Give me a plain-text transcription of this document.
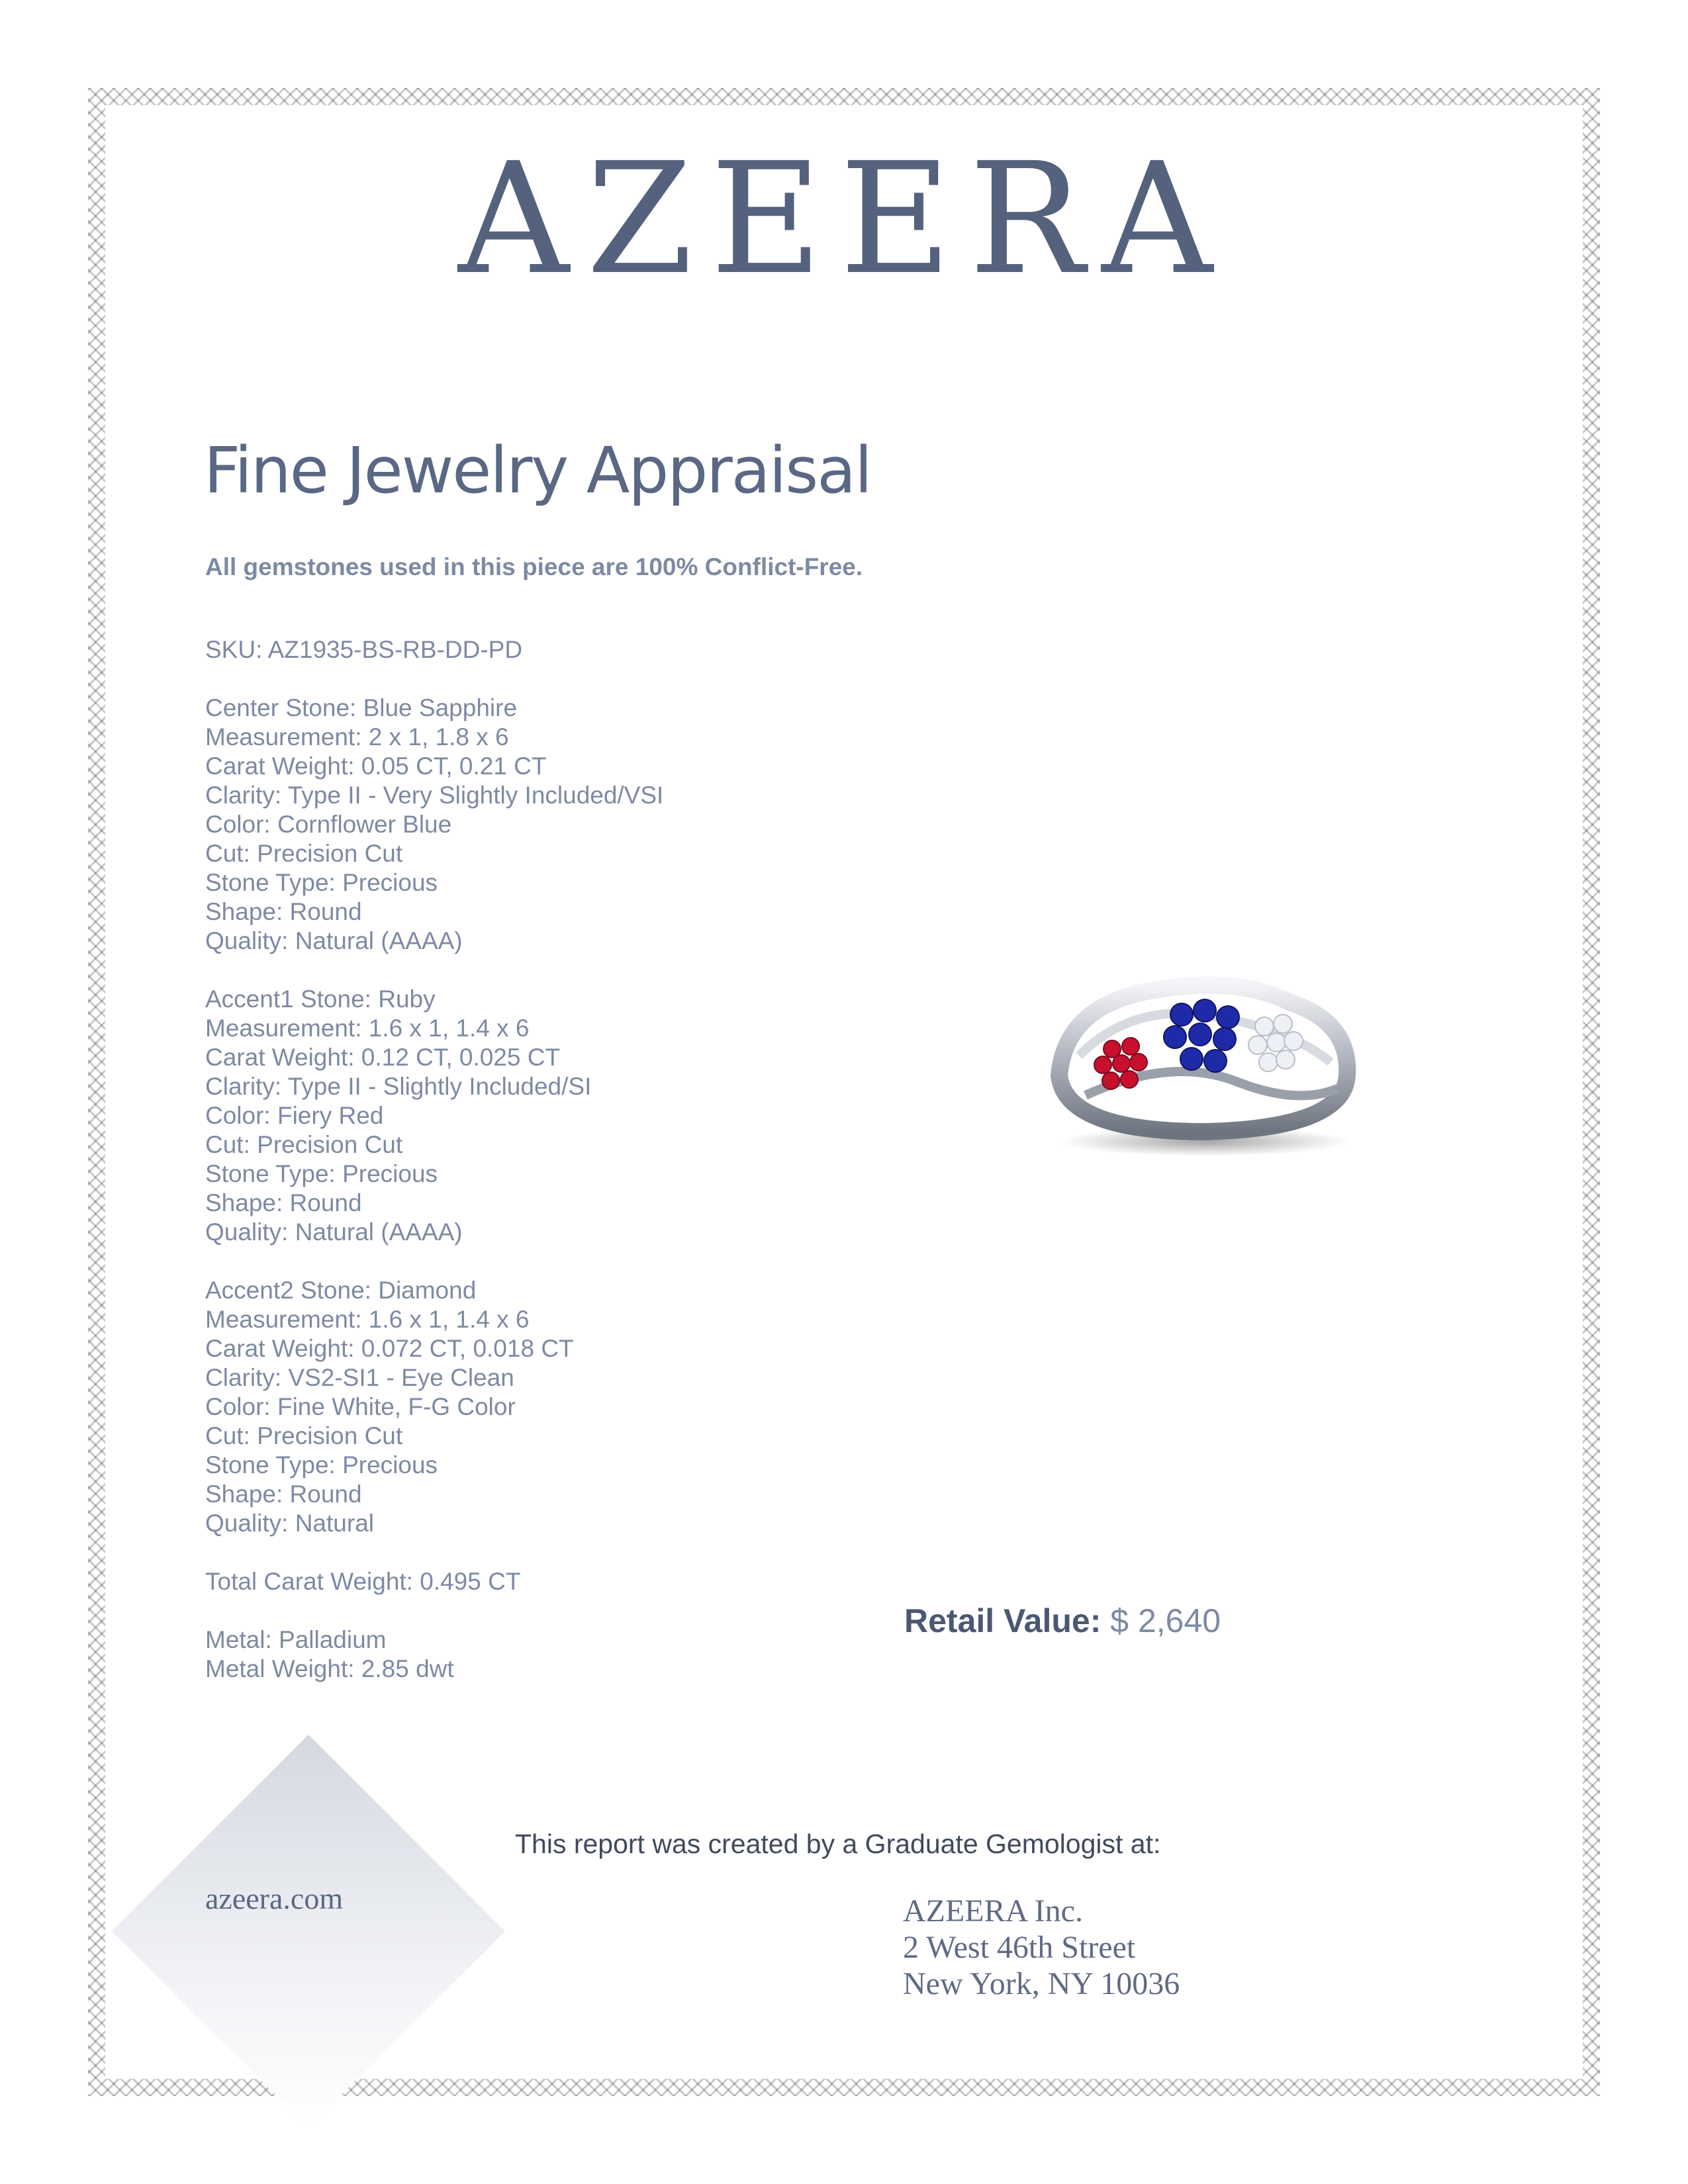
AZEERA
Fine Jewelry Appraisal
All gemstones used in this piece are 100% Conflict-Free.
SKU: AZ1935-BS-RB-DD-PD
Center Stone: Blue Sapphire
Measurement: 2 x 1, 1.8 x 6
Carat Weight: 0.05 CT, 0.21 CT
Clarity: Type II - Very Slightly Included/VSI
Color: Cornflower Blue
Cut: Precision Cut
Stone Type: Precious
Shape: Round
Quality: Natural (AAAA)
Accent1 Stone: Ruby
Measurement: 1.6 x 1, 1.4 x 6
Carat Weight: 0.12 CT, 0.025 CT
Clarity: Type II - Slightly Included/SI
Color: Fiery Red
Cut: Precision Cut
Stone Type: Precious
Shape: Round
Quality: Natural (AAAA)
Accent2 Stone: Diamond
Measurement: 1.6 x 1, 1.4 x 6
Carat Weight: 0.072 CT, 0.018 CT
Clarity: VS2-SI1 - Eye Clean
Color: Fine White, F-G Color
Cut: Precision Cut
Stone Type: Precious
Shape: Round
Quality: Natural
Total Carat Weight: 0.495 CT
Metal: Palladium
Metal Weight: 2.85 dwt
Retail Value: $ 2,640
azeera.com
This report was created by a Graduate Gemologist at:
AZEERA Inc.
2 West 46th Street
New York, NY 10036
